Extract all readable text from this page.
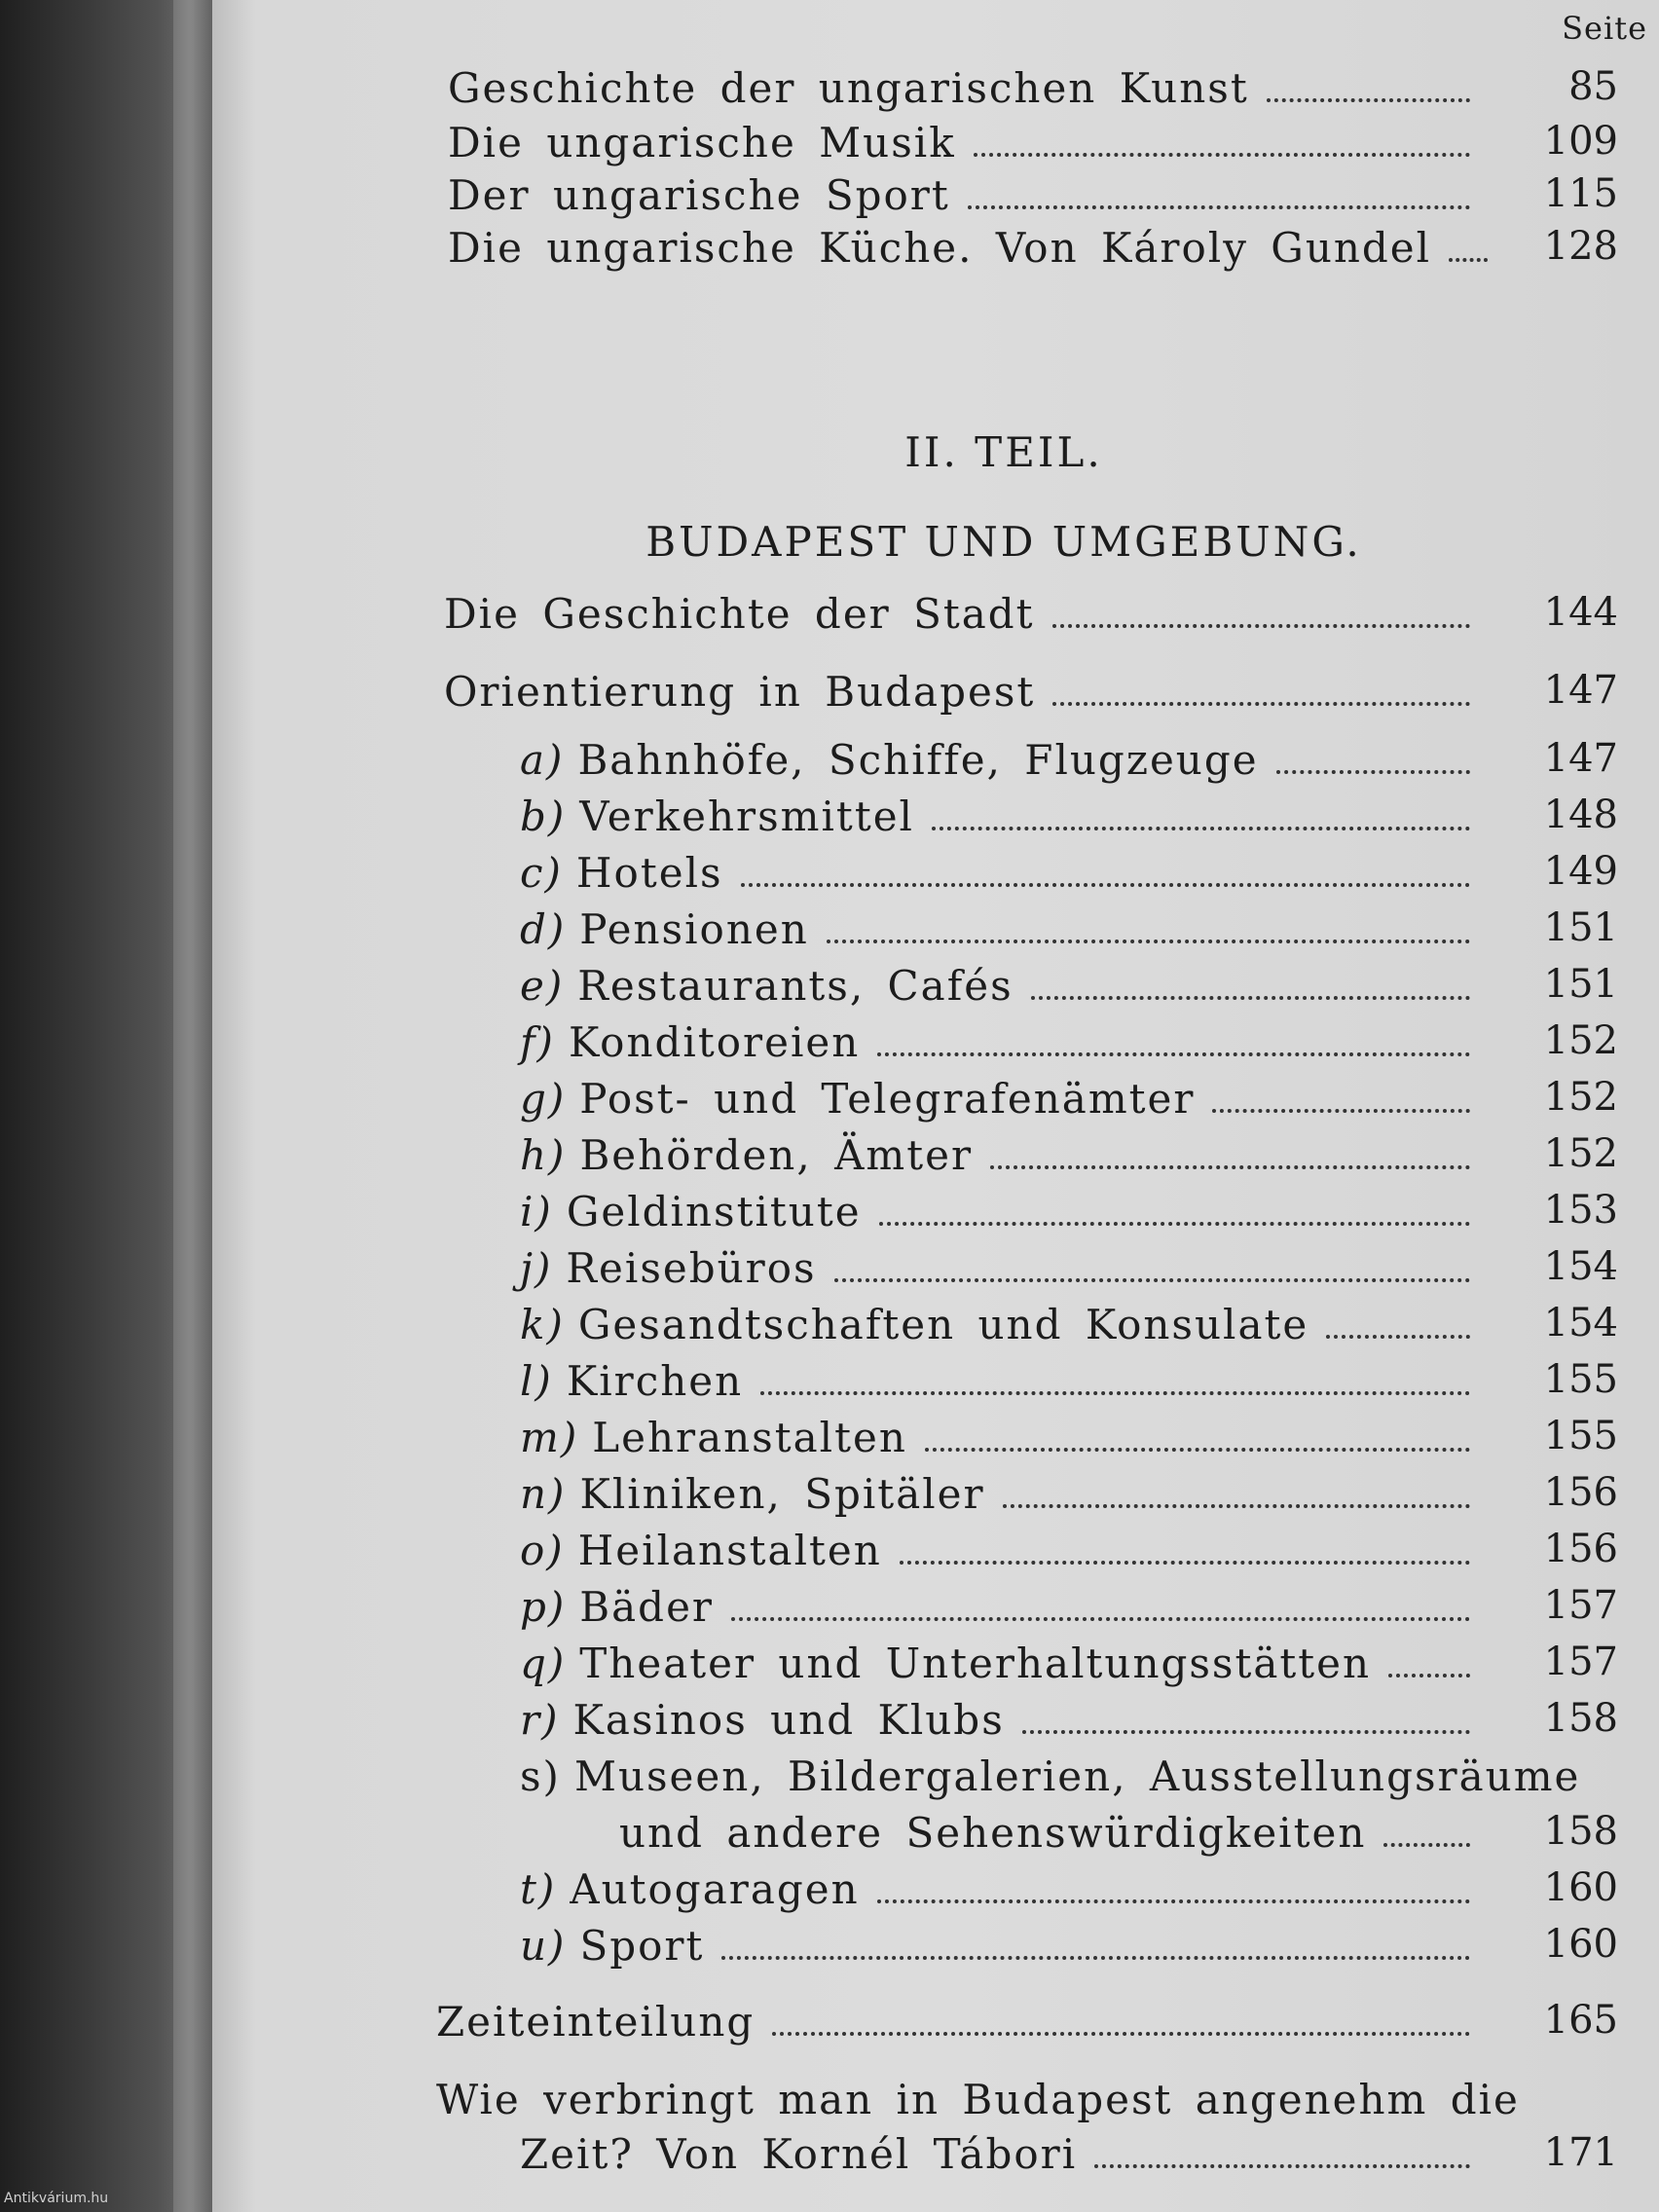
Antikvárium.hu
Seite
Geschichte der ungarischen Kunst	85
Die ungarische Musik	109
Der ungarische Sport	115
Die ungarische Küche. Von Károly Gundel	128
II. TEIL.
BUDAPEST UND UMGEBUNG.
Die Geschichte der Stadt	144
Orientierung in Budapest	147
a) Bahnhöfe, Schiffe, Flugzeuge	147
b) Verkehrsmittel	148
c) Hotels	149
d) Pensionen	151
e) Restaurants, Cafés	151
f) Konditoreien	152
g) Post- und Telegrafenämter	152
h) Behörden, Ämter	152
i) Geldinstitute	153
j) Reisebüros	154
k) Gesandtschaften und Konsulate	154
l) Kirchen	155
m) Lehranstalten	155
n) Kliniken, Spitäler	156
o) Heilanstalten	156
p) Bäder	157
q) Theater und Unterhaltungsstätten	157
r) Kasinos und Klubs	158
s) Museen, Bildergalerien, Ausstellungsräume
und andere Sehenswürdigkeiten	158
t) Autogaragen	160
u) Sport	160
Zeiteinteilung	165
Wie verbringt man in Budapest angenehm die
Zeit? Von Kornél Tábori	171
